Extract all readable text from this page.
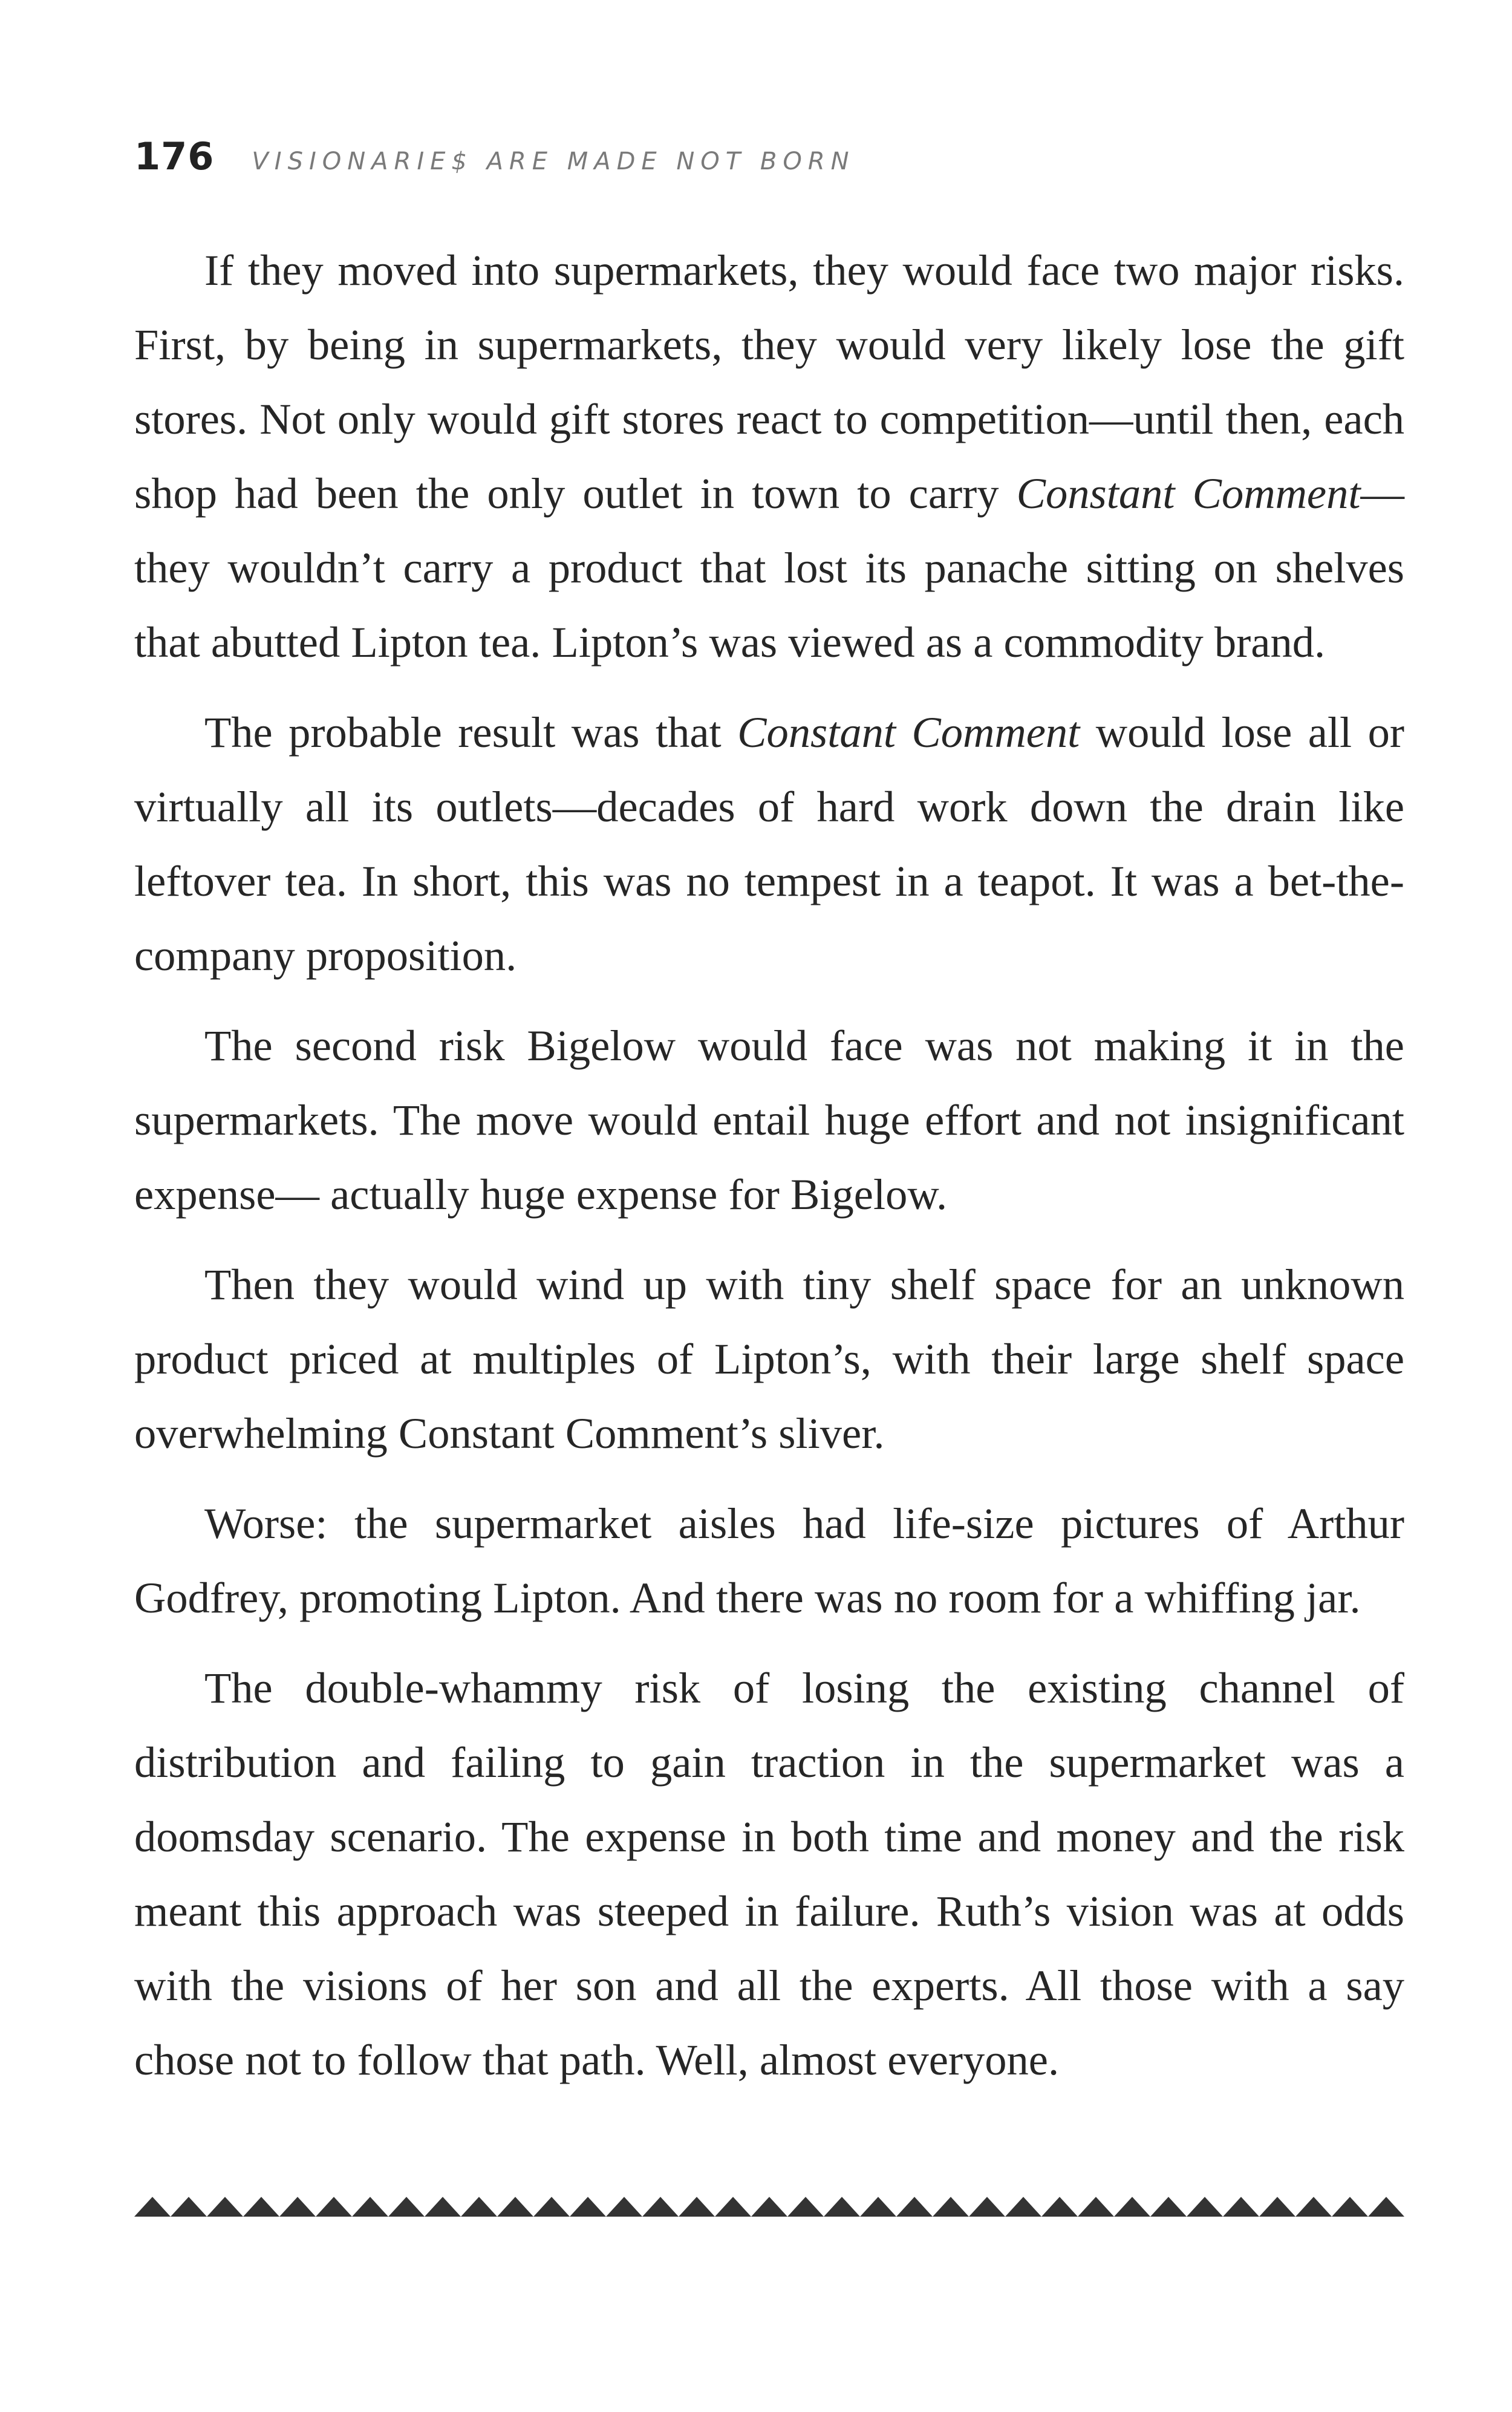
176 VISIONARIE$ ARE MADE NOT BORN

If they moved into supermarkets, they would face two major risks. First, by being in supermarkets, they would very likely lose the gift stores. Not only would gift stores react to competition—until then, each shop had been the only outlet in town to carry Constant Comment—they wouldn’t carry a product that lost its panache sitting on shelves that abutted Lipton tea. Lipton’s was viewed as a commodity brand.

The probable result was that Constant Comment would lose all or virtually all its outlets—decades of hard work down the drain like leftover tea. In short, this was no tempest in a teapot. It was a bet-the-company proposition.

The second risk Bigelow would face was not making it in the supermarkets. The move would entail huge effort and not insignificant expense— actually huge expense for Bigelow.

Then they would wind up with tiny shelf space for an unknown product priced at multiples of Lipton’s, with their large shelf space overwhelming Constant Comment’s sliver.

Worse: the supermarket aisles had life-size pictures of Arthur Godfrey, promoting Lipton. And there was no room for a whiffing jar.

The double-whammy risk of losing the existing channel of distribution and failing to gain traction in the supermarket was a doomsday scenario. The expense in both time and money and the risk meant this approach was steeped in failure. Ruth’s vision was at odds with the visions of her son and all the experts. All those with a say chose not to follow that path. Well, almost everyone.
